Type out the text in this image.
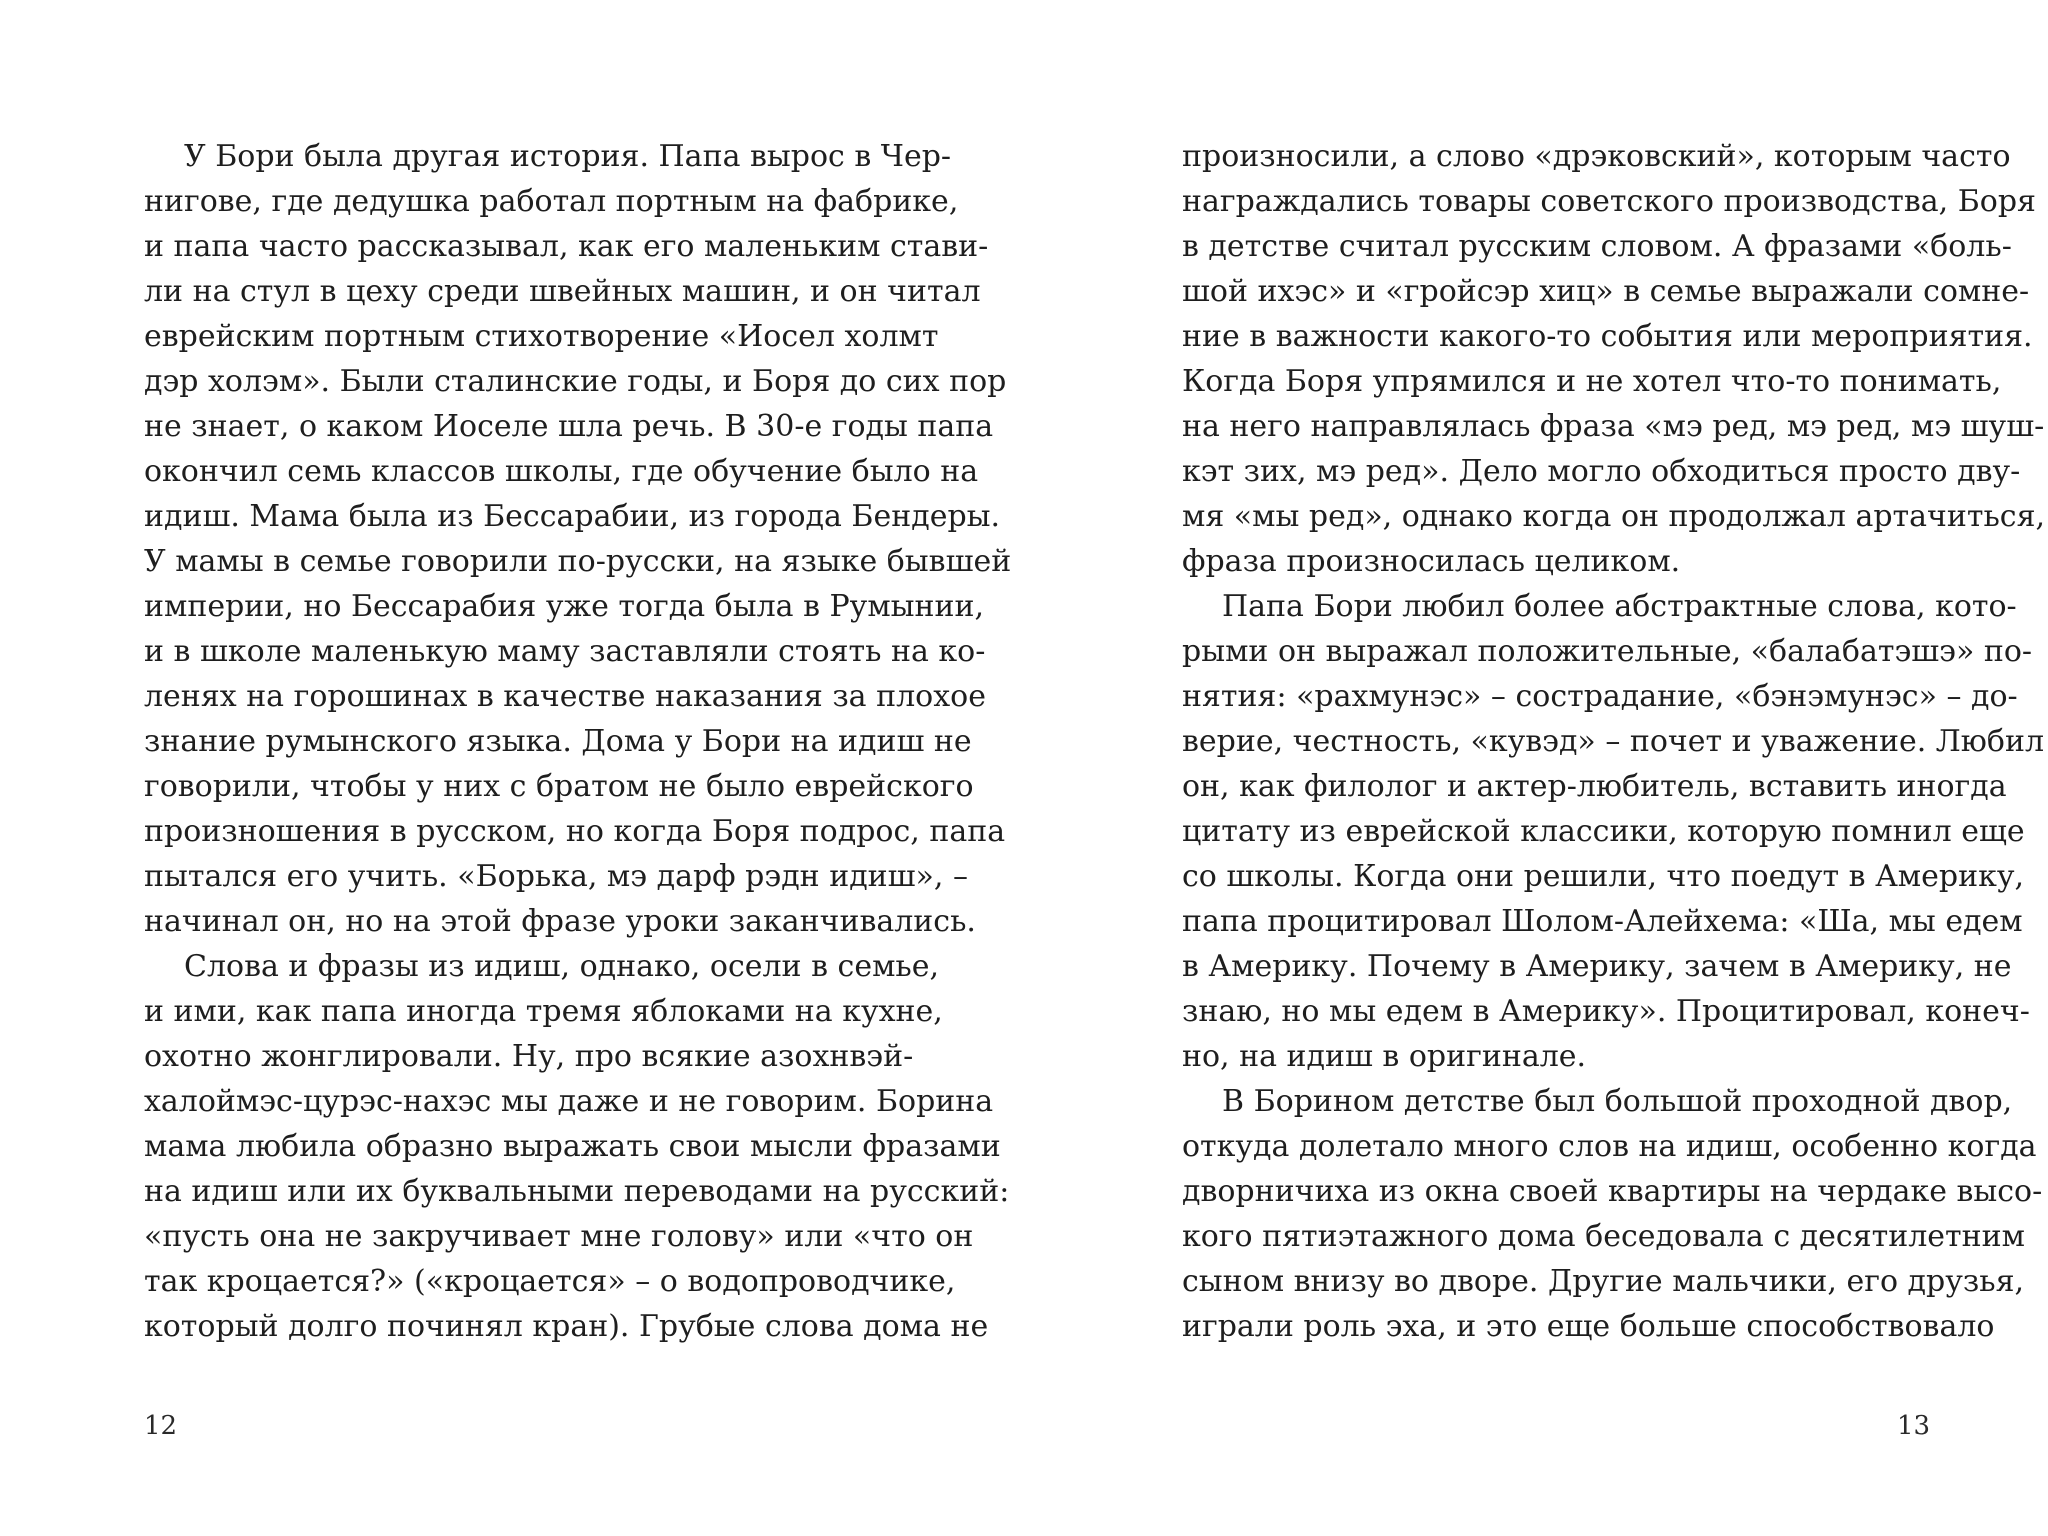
У Бори была другая история. Папа вырос в Чер-
нигове, где дедушка работал портным на фабрике,
и папа часто рассказывал, как его маленьким стави-
ли на стул в цеху среди швейных машин, и он читал
еврейским портным стихотворение «Иосел холмт
дэр холэм». Были сталинские годы, и Боря до сих пор
не знает, о каком Иоселе шла речь. В 30-е годы папа
окончил семь классов школы, где обучение было на
идиш. Мама была из Бессарабии, из города Бендеры.
У мамы в семье говорили по-русски, на языке бывшей
империи, но Бессарабия уже тогда была в Румынии,
и в школе маленькую маму заставляли стоять на ко-
ленях на горошинах в качестве наказания за плохое
знание румынского языка. Дома у Бори на идиш не
говорили, чтобы у них с братом не было еврейского
произношения в русском, но когда Боря подрос, папа
пытался его учить. «Борька, мэ дарф рэдн идиш», –
начинал он, но на этой фразе уроки заканчивались.
Слова и фразы из идиш, однако, осели в семье,
и ими, как папа иногда тремя яблоками на кухне,
охотно жонглировали. Ну, про всякие азохнвэй-
халоймэс-цурэс-нахэс мы даже и не говорим. Борина
мама любила образно выражать свои мысли фразами
на идиш или их буквальными переводами на русский:
«пусть она не закручивает мне голову» или «что он
так кроцается?» («кроцается» – о водопроводчике,
который долго починял кран). Грубые слова дома не
12
произносили, а слово «дрэковский», которым часто
награждались товары советского производства, Боря
в детстве считал русским словом. А фразами «боль-
шой ихэс» и «гройсэр хиц» в семье выражали сомне-
ние в важности какого-то события или мероприятия.
Когда Боря упрямился и не хотел что-то понимать,
на него направлялась фраза «мэ ред, мэ ред, мэ шуш-
кэт зих, мэ ред». Дело могло обходиться просто дву-
мя «мы ред», однако когда он продолжал артачиться,
фраза произносилась целиком.
Папа Бори любил более абстрактные слова, кото-
рыми он выражал положительные, «балабатэшэ» по-
нятия: «рахмунэс» – сострадание, «бэнэмунэс» – до-
верие, честность, «кувэд» – почет и уважение. Любил
он, как филолог и актер-любитель, вставить иногда
цитату из еврейской классики, которую помнил еще
со школы. Когда они решили, что поедут в Америку,
папа процитировал Шолом-Алейхема: «Ша, мы едем
в Америку. Почему в Америку, зачем в Америку, не
знаю, но мы едем в Америку». Процитировал, конеч-
но, на идиш в оригинале.
В Борином детстве был большой проходной двор,
откуда долетало много слов на идиш, особенно когда
дворничиха из окна своей квартиры на чердаке высо-
кого пятиэтажного дома беседовала с десятилетним
сыном внизу во дворе. Другие мальчики, его друзья,
играли роль эха, и это еще больше способствовало
13
